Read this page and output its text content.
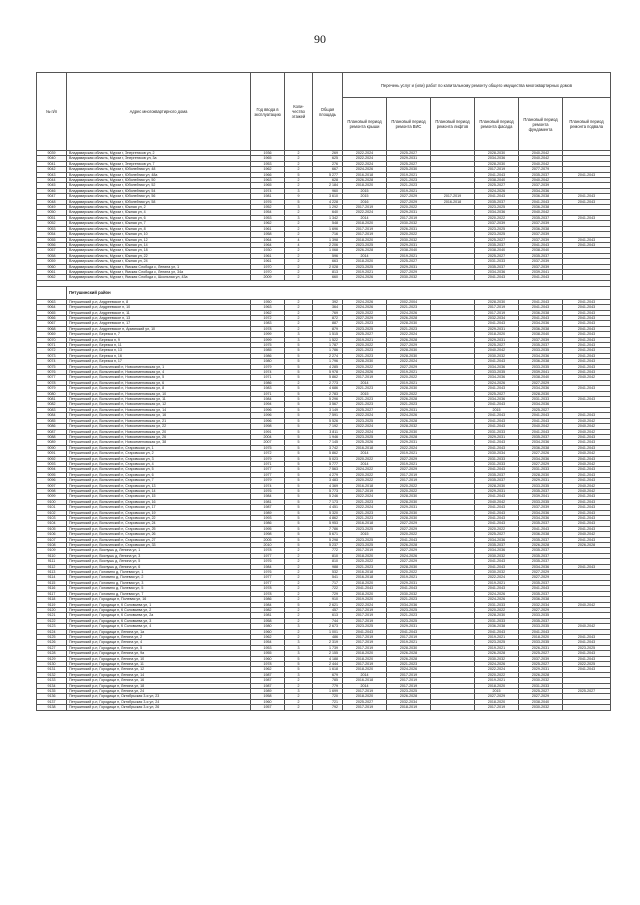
90
№ п/п	Адрес многоквартирного дома	Год ввода в эксплуатацию	Коли-чество этажей	Общая площадь	Перечень услуг и (или) работ по капитальному ремонту общего имущества многоквартирных домов					
					Плановый период ремонта крыши	Плановый период ремонта ВИС	Плановый период ремонта лифтов	Плановый период ремонта фасада	Плановый период ремонта фундамента	Плановый период ремонта подвала
9039	Владимирская область, Муром г, Энергетиков ул, 2	1936	2	269	2022-2024	2025-2027		2028-2030	2040-2042	
9040	Владимирская область, Муром г, Энергетиков ул, 3а	1965	2	625	2022-2024	2029-2031		2034-2036	2040-2042	
9041	Владимирская область, Муром г, Энергетиков ул, 7	1953	2	276	2022-2024	2025-2027		2028-2030	2040-2042	
9042	Владимирская область, Муром г, Юбилейная ул, 48	1962	2	667	2024-2026	2025-2030		2017-2019	2077-2079	
9043	Владимирская область, Муром г, Юбилейная ул, 48а	1966	5	5 277	2016-2018	2019-2021		2041-2043	2035-2037	2041-2043
9044	Владимирская область, Муром г, Юбилейная ул, 50	1963	2	628	2026-2028	2021-2023		2038-2040	2040-2042	
9045	Владимирская область, Муром г, Юбилейная ул, 52	1965	2	2 184	2018-2020	2021-2023		2025-2027	2037-2039	
9046	Владимирская область, Муром г, Юбилейная ул, 54	1974	3	960	2015	2019-2021		2024-2026	2034-2036	
9047	Владимирская область, Муром г, Юбилейная ул, 56	1981	9	3 610	2015	2027-2029	2017-2019	2041-2043	2036-2038	2041-2043
9048	Владимирская область, Муром г, Юбилейная ул, 58	1976	5	4 228	2016	2027-2029	2016-2018	2035-2037	2041-2043	2041-2043
9049	Владимирская область, Муром г, Южная ул, 2	1952	3	1 292	2017-2019	2020-2022		2023-2025	2036-2038	
9050	Владимирская область, Муром г, Южная ул, 4	1954	2	640	2022-2024	2029-2031		2034-2036	2040-2042	
9051	Владимирская область, Муром г, Южная ул, 6	1953	3	1 342	2014	2017-2019		2020-2022	2035-2037	2041-2043
9052	Владимирская область, Муром г, Южная ул, 7	1962	2	548	2018-2020	2030-2032		2037-2039	2037-2039	
9053	Владимирская область, Муром г, Южная ул, 8	1961	2	1 696	2017-2019	2026-2031		2023-2025	2036-2038	
9054	Владимирская область, Муром г, Южная ул, 10	1958	2	716	2017-2019	2020-2022		2023-2025	2037-2039	
9055	Владимирская область, Муром г, Южная ул, 12	1964	4	1 398	2018-2020	2030-2032		2025-2027	2037-2039	2041-2043
9056	Владимирская область, Муром г, Южная ул, 14	1964	4	2 206	2023-2025	2029-2031		2035-2037	2041-2043	2041-2043
9057	Владимирская область, Муром г, Южная ул, 18	1930	2	1 068	2026-2028	2038-2040		2038-2040	2038-2040	
9058	Владимирская область, Муром г, Южная ул, 22	1961	2	596	2014	2019-2021		2025-2027	2035-2037	
9059	Владимирская область, Муром г, Южная ул, 24	1961	2	663	2018-2020	2025-2027		2031-2033	2037-2039	
9060	Владимирская область, Муром г, Ямская Слобода с, Ленина ул, 1	1970	2	2 028	2023-2025	2029-2031		2035-2037	2037-2039	
9061	Владимирская область, Муром г, Ямская Слобода с, Ленина ул, 34а	1970	2	813	2019-2021	2027-2029		2034-2036	2039-2041	
9062	Владимирская область, Муром г, Ямская Слобода с, Школьная ул, 43а	2009	2	660	2024-2026	2030-2032		2041-2043	2041-2043	

	Петушинский район									
9063	Петушинский р-н, Андреевское п, 8	1950	2	392	2024-2026	2002-2004		2028-2030	2041-2043	2041-2043
9064	Петушинский р-н, Андреевское п, 10	1963	2	364	2024-2026	2021-2023		2017-2019	2041-2043	2041-2043
9065	Петушинский р-н, Андреевское п, 11	1962	2	769	2020-2022	2024-2026		2017-2019	2036-2038	2041-2043
9066	Петушинский р-н, Андреевское п, 13	1972	2	872	2027-2029	2026-2028		2032-2034	2041-2043	2041-2043
9067	Петушинский р-н, Андреевское п, 17	1983	2	887	2021-2023	2028-2030		2041-2043	2034-2036	2041-2043
9068	Петушинский р-н, Андреевское п, Армянский ул, 10	1978	2	879	2023-2025	2021-2023		2029-2031	2036-2038	2041-2043
9069	Петушинский р-н, Березка п, 7	1999	3	1 515	2025-2027	2022-2024		2018-2020	2038-2040	2041-2043
9070	Петушинский р-н, Березка п, 9	1999	3	1 522	2019-2021	2026-2028		2029-2031	2037-2039	2041-2043
9071	Петушинский р-н, Березка п, 11	1975	5	1 787	2020-2022	2027-2029		2025-2027	2035-2037	2041-2043
9072	Петушинский р-н, Березка п, 13	1985	5	1 786	2021-2023	2028-2030		2040-2042	2033-2035	2041-2043
9073	Петушинский р-н, Березка п, 16	1986	5	2 274	2021-2023	2028-2030		2030-2032	2034-2036	2041-2043
9074	Петушинский р-н, Березка п, 17	1980	5	1 796	2028-2030	2022-2024		2041-2043	2036-2038	2041-2043
9075	Петушинский р-н, Вольгинский п, Новосеменовская ул, 1	1979	5	4 285	2020-2022	2027-2029		2034-2036	2033-2035	2041-2043
9076	Петушинский р-н, Вольгинский п, Новосеменовская ул, 4	1974	5	5 978	2024-2026	2019-2021		2033-2035	2039-2041	2041-2043
9077	Петушинский р-н, Вольгинский п, Новосеменовская ул, 5	1971	5	5 862	2017-2019	2020-2022		2034-2036	2038-2040	2040-2042
9078	Петушинский р-н, Вольгинский п, Новосеменовская ул, 6	1986	2	2 773	2014	2019-2021		2024-2026	2027-2029	
9079	Петушинский р-н, Вольгинский п, Новосеменовская ул, 8	1983	5	4 686	2021-2023	2028-2030		2041-2043	2034-2036	2041-2043
9080	Петушинский р-н, Вольгинский п, Новосеменовская ул, 10	1971	5	2 783	2015	2020-2022		2025-2027	2028-2030	
9081	Петушинский р-н, Вольгинский п, Новосеменовская ул, 11	1984	5	5 296	2021-2023	2026-2028		2034-2036	2031-2033	2041-2043
9082	Петушинский р-н, Вольгинский п, Новосеменовская ул, 12	1994	5	3 567	2021-2023	2021-2023		2041-2043	2034-2036	
9083	Петушинский р-н, Вольгинский п, Новосеменовская ул, 14	1996	5	3 149	2025-2027	2029-2031		2015	2025-2027	
9084	Петушинский р-н, Вольгинский п, Новосеменовская ул, 16	1996	5	7 591	2022-2024	2024-2026		2041-2043	2041-2043	2041-2043
9085	Петушинский р-н, Вольгинский п, Новосеменовская ул, 21	1996	5	5 526	2023-2025	2026-2028		2041-2043	2041-2043	2040-2042
9086	Петушинский р-н, Вольгинский п, Новосеменовская ул, 22	1998	5	7 192	2022-2024	2028-2032		2041-2043	2040-2042	2040-2042
9087	Петушинский р-н, Вольгинский п, Новосеменовская ул, 20	1991	5	3 811	2022-2024	2028-2030		2031-2033	2041-2043	2040-2042
9088	Петушинский р-н, Вольгинский п, Новосеменовская ул, 26	2004	5	1 946	2023-2025	2026-2028		2029-2031	2035-2037	2041-2043
9089	Петушинский р-н, Вольгинский п, Новосеменовская ул, 38	2007	5	7 145	2025-2026	2029-2031		2041-2043	2034-2036	2041-2043
9090	Петушинский р-н, Вольгинский п, Старовская ул, 1	1975	5	3 742	2016-2018	2022-2024		2041-2043	2036-2038	2041-2043
9091	Петушинский р-н, Вольгинский п, Старовская ул, 2	1972	5	5 862	2014	2019-2021		2030-2034	2027-2026	2040-2042
9092	Петушинский р-н, Вольгинский п, Старовская ул, 3	1979	5	5 023	2020-2022	2027-2029		2031-2033	2034-2036	2041-2043
9093	Петушинский р-н, Вольгинский п, Старовская ул, 4	1971	5	5 777	2014	2019-2021		2031-2033	2027-2029	2040-2042
9094	Петушинский р-н, Вольгинский п, Старовская ул, 5	1977	5	7 563	2024-2022	2027-2029		2041-2043	2031-2033	2041-2043
9095	Петушинский р-н, Вольгинский п, Старовская ул, 6	1977	5	4 279	2020-2022	2017-2019		2035-2037	2028-2030	2041-2043
9096	Петушинский р-н, Вольгинский п, Старовская ул, 7	1979	5	3 483	2020-2022	2017-2019		2035-2037	2029-2031	2041-2043
9097	Петушинский р-н, Вольгинский п, Старовская ул, 13	1974	5	4 369	2016-2018	2020-2022		2028-2030	2033-2035	2040-2042
9098	Петушинский р-н, Вольгинский п, Старовская ул, 14	1976	5	5 773	2017-2019	2020-2022		2029-2031	2035-2037	2040-2042
9099	Петушинский р-н, Вольгинский п, Старовская ул, 15	1984	5	5 246	2022-2024	2028-2030		2041-2043	2039-2041	2041-2043
9100	Петушинский р-н, Вольгинский п, Старовская ул, 16	1981	5	7 173	2021-2023	2028-2030		2040-2042	2033-2035	2041-2043
9101	Петушинский р-н, Вольгинский п, Старовская ул, 17	1987	5	4 451	2022-2024	2029-2031		2041-2043	2037-2039	2041-2043
9102	Петушинский р-н, Вольгинский п, Старовская ул, 19	1989	5	5 320	2021-2023	2028-2030		2041-2043	2034-2036	2041-2043
9103	Петушинский р-н, Вольгинский п, Старовская ул, 22	1993	5	4 862	2021-2023	2028-2030		2041-2043	2034-2036	2041-2043
9104	Петушинский р-н, Вольгинский п, Старовская ул, 24	1986	5	5 953	2016-2018	2027-2029		2041-2043	2035-2037	2041-2043
9105	Петушинский р-н, Вольгинский п, Старовская ул, 25	1995	5	7 786	2023-2025	2027-2029		2020-2022	2041-2043	2041-2043
9106	Петушинский р-н, Вольгинский п, Старовская ул, 26	1998	5	5 671	2015	2020-2022		2025-2027	2036-2038	2040-2042
9107	Петушинский р-н, Вольгинский п, Старовская ул, 27	2005	5	5 298	2023-2025	2041-2043		2034-2036	2035-2037	2041-2043
9108	Петушинский р-н, Вольгинский п, Старовская ул, 33	2010	5	5 237	2023-2025	2026-2028		2035-2037	2026-2028	2026-2028
9109	Петушинский р-н, Воспушь д, Ленина ул, 1	1978	2	772	2017-2019	2027-2029		2034-2036	2035-2037	
9110	Петушинский р-н, Воспушь д, Ленина ул, 3	1977	2	810	2018-2020	2024-2026		2030-2032	2035-2037	
9111	Петушинский р-н, Воспушь д, Ленина ул, 5	1976	2	810	2020-2022	2027-2029		2041-2043	2035-2037	
9112	Петушинский р-н, Воспушь д, Ленина ул, 6	1984	2	988	2021-2023	2028-2030		2041-2043	2034-2036	2041-2043
9113	Петушинский р-н, Головино д, Полевая ул, 1	1976	2	532	2016-2018	2020-2022		2030-2032	2027-2029	
9114	Петушинский р-н, Головино д, Полевая ул, 2	1977	2	541	2016-2018	2019-2021		2022-2024	2027-2029	
9115	Петушинский р-н, Головино д, Полевая ул, 3	1977	2	717	2018-2020	2029-2031		2019-2021	2035-2037	
9116	Петушинский р-н, Головино д, Полевая ул, 5	1978	2	722	2041-2043	2041-2043		2041-2043	2041-2043	
9117	Петушинский р-н, Головино д, Полевая ул, 7	1978	2	729	2018-2020	2030-2032		2024-2026	2035-2037	
9118	Петушинский р-н, Городищи п, Полевая ул, 16	1986	2	910	2019-2020	2021-2023		2024-2026	2036-2038	
9119	Петушинский р-н, Городищи п, К Соловьева ул, 1	1984	5	2 621	2022-2024	2034-2036		2031-2033	2032-2034	2040-2042
9120	Петушинский р-н, Городищи п, К Соловьева ул, 2	1982	2	457	2017-2019	2023-2025		2020-2022	2027-2029	
9121	Петушинский р-н, Городищи п, К Соловьева ул, 2а	1981	2	613	2017-2019	2021-2023		2028-2030	2033-2035	
9122	Петушинский р-н, Городищи п, К Соловьева ул, 3	1958	2	744	2017-2019	2023-2025		2031-2033	2035-2037	
9123	Петушинский р-н, Городищи п, К Соловьева ул, 4	1980	3	2 673	2023-2025	2029-2031		2036-2038	2033-2035	2040-2042
9124	Петушинский р-н, Городищи п, Ленина ул, 1а	1960	2	1 001	2041-2043	2041-2043		2041-2043	2041-2043	
9125	Петушинский р-н, Городищи п, Ленина ул, 2	1962	2	486	2017-2019	2017-2019		2019-2021	2018-2020	2041-2043
9126	Петушинский р-н, Городищи п, Ленина ул, 4	1954	3	2 319	2017-2019	2019-2021		2023-2025	2033-2035	2041-2043
9127	Петушинский р-н, Городищи п, Ленина ул, 5	1953	3	1 739	2017-2019	2028-2030		2019-2021	2026-2031	2023-2025
9128	Петушинский р-н, Городищи п, Ленина ул, 9а	1955	3	2 155	2018-2020	2026-2028		2026-2028	2025-2027	2041-2043
9129	Петушинский р-н, Городищи п, Ленина ул, 10	1960	5	4 188	2018-2020	2026-2028		2030-2032	2037-2039	2041-2043
9130	Петушинский р-н, Городищи п, Ленина ул, 11	1978	5	2 444	2017-2019	2021-2023		2024-2026	2025-2027	2022-2025
9131	Петушинский р-н, Городищи п, Ленина ул, 12	1962	5	1 618	2018-2020	2024-2026		2022-2024	2029-2031	2041-2043
9132	Петушинский р-н, Городищи п, Ленина ул, 14	1987	3	679	2014	2017-2019		2020-2022	2026-2028	
9133	Петушинский р-н, Городищи п, Ленина ул, 16	1987	2	785	2016-2018	2017-2019		2019-2021	2030-2032	
9134	Петушинский р-н, Городищи п, Ленина ул, 18	1987	2	779	2014	2017-2019		2018-2020	2031-2033	
9135	Петушинский р-н, Городищи п, Ленина ул, 24	1989	3	1 699	2017-2019	2023-2025		2015	2025-2027	2025-2027
9136	Петушинский р-н, Городищи п, Октябрьская 3-я ул, 23	1958	2	720	2018-2020	2026-2028		2027-2029	2027-2029	
9137	Петушинский р-н, Городищи п, Октябрьская 3-я ул, 24	1960	2	721	2025-2027	2032-2034		2018-2020	2038-2040	
9138	Петушинский р-н, Городищи п, Октябрьская 3-я ул, 26	1957	2	792	2017-2019	2018-2019		2017-2019	2030-2032	
